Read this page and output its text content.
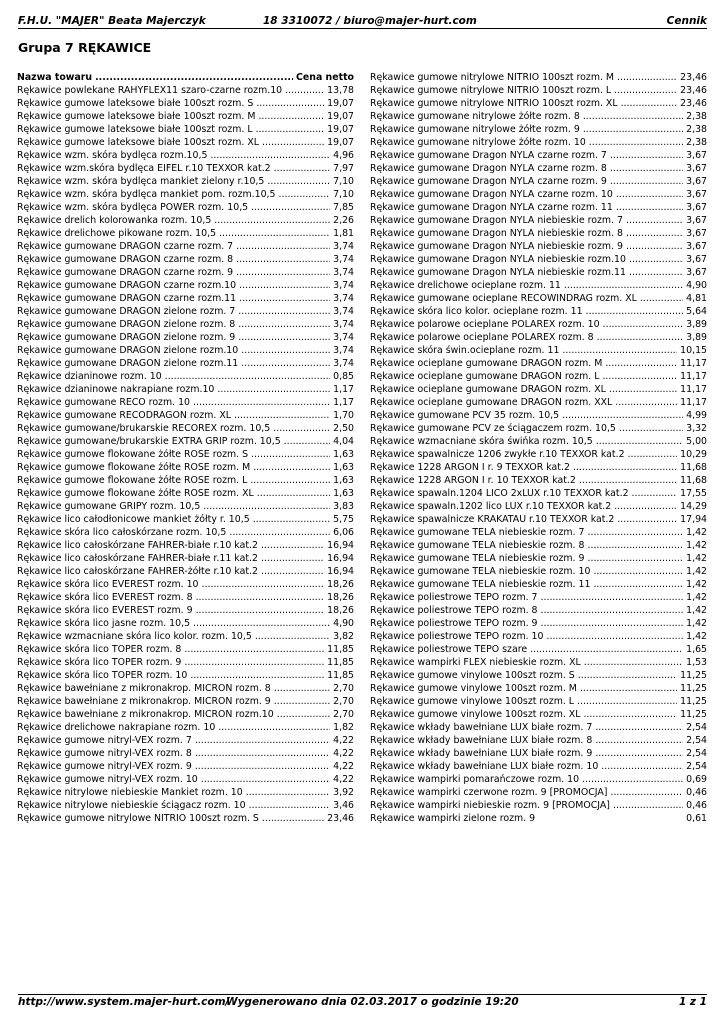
F.H.U. "MAJER" Beata Majerczyk	18 3310072 / biuro@majer-hurt.com	Cennik
Grupa 7 RĘKAWICE
Nazwa towaru .....	Cena netto
Rękawice powlekane RAHYFLEX11 szaro-czarne rozm.10 .....	13,78
Rękawice gumowe lateksowe białe 100szt rozm. S .....	19,07
Rękawice gumowe lateksowe białe 100szt rozm. M .....	19,07
Rękawice gumowe lateksowe białe 100szt rozm. L .....	19,07
Rękawice gumowe lateksowe białe 100szt rozm. XL .....	19,07
Rękawice wzm. skóra bydlęca rozm.10,5 .....	4,96
Rękawice wzm.skóra bydlęca EIFEL r.10 TEXXOR kat.2 .....	7,97
Rękawice wzm. skóra bydlęca mankiet zielony r.10,5 .....	7,10
Rękawice wzm. skóra bydlęca mankiet pom. rozm.10,5 .....	7,10
Rękawice wzm. skóra bydlęca POWER rozm. 10,5 .....	7,85
Rękawice drelich kolorowanka rozm. 10,5 .....	2,26
Rękawice drelichowe pikowane rozm. 10,5 .....	1,81
Rękawice gumowane DRAGON czarne rozm. 7 .....	3,74
Rękawice gumowane DRAGON czarne rozm. 8 .....	3,74
Rękawice gumowane DRAGON czarne rozm. 9 .....	3,74
Rękawice gumowane DRAGON czarne rozm.10 .....	3,74
Rękawice gumowane DRAGON czarne rozm.11 .....	3,74
Rękawice gumowane DRAGON zielone rozm. 7 .....	3,74
Rękawice gumowane DRAGON zielone rozm. 8 .....	3,74
Rękawice gumowane DRAGON zielone rozm. 9 .....	3,74
Rękawice gumowane DRAGON zielone rozm.10 .....	3,74
Rękawice gumowane DRAGON zielone rozm.11 .....	3,74
Rękawice dzianinowe rozm. 10 .....	0,85
Rękawice dzianinowe nakrapiane rozm.10 .....	1,17
Rękawice gumowane RECO rozm. 10 .....	1,17
Rękawice gumowane RECODRAGON rozm. XL .....	1,70
Rękawice gumowane/brukarskie RECOREX rozm. 10,5 .....	2,50
Rękawice gumowane/brukarskie EXTRA GRIP rozm. 10,5 .....	4,04
Rękawice gumowe flokowane żółte ROSE rozm. S .....	1,63
Rękawice gumowe flokowane żółte ROSE rozm. M .....	1,63
Rękawice gumowe flokowane żółte ROSE rozm. L .....	1,63
Rękawice gumowe flokowane żółte ROSE rozm. XL .....	1,63
Rękawice gumowane GRIPY rozm. 10,5 .....	3,83
Rękawice lico całodłonicowe mankiet żółty r. 10,5 .....	5,75
Rękawice skóra lico całoskórzane rozm. 10,5 .....	6,06
Rękawice lico całoskórzane FAHRER-białe r.10 kat.2 .....	16,94
Rękawice lico całoskórzane FAHRER-białe r.11 kat.2 .....	16,94
Rękawice lico całoskórzane FAHRER-żółte r.10 kat.2 .....	16,94
Rękawice skóra lico EVEREST rozm. 10 .....	18,26
Rękawice skóra lico EVEREST rozm. 8 .....	18,26
Rękawice skóra lico EVEREST rozm. 9 .....	18,26
Rękawice skóra lico jasne rozm. 10,5 .....	4,90
Rękawice wzmacniane skóra lico kolor. rozm. 10,5 .....	3,82
Rękawice skóra lico TOPER rozm. 8 .....	11,85
Rękawice skóra lico TOPER rozm. 9 .....	11,85
Rękawice skóra lico TOPER rozm. 10 .....	11,85
Rękawice bawełniane z mikronakrop. MICRON rozm. 8 .....	2,70
Rękawice bawełniane z mikronakrop. MICRON rozm. 9 .....	2,70
Rękawice bawełniane z mikronakrop. MICRON rozm.10 .....	2,70
Rękawice drelichowe nakrapiane rozm. 10 .....	1,82
Rękawice gumowe nitryl-VEX rozm. 7 .....	4,22
Rękawice gumowe nitryl-VEX rozm. 8 .....	4,22
Rękawice gumowe nitryl-VEX rozm. 9 .....	4,22
Rękawice gumowe nitryl-VEX rozm. 10 .....	4,22
Rękawice nitrylowe niebieskie Mankiet rozm. 10 .....	3,92
Rękawice nitrylowe niebieskie ściągacz rozm. 10 .....	3,46
Rękawice gumowe nitrylowe NITRIO 100szt rozm. S .....	23,46
Rękawice gumowe nitrylowe NITRIO 100szt rozm. M .....	23,46
Rękawice gumowe nitrylowe NITRIO 100szt rozm. L .....	23,46
Rękawice gumowe nitrylowe NITRIO 100szt rozm. XL .....	23,46
Rękawice gumowane nitrylowe żółte rozm. 8 .....	2,38
Rękawice gumowane nitrylowe żółte rozm. 9 .....	2,38
Rękawice gumowane nitrylowe żółte rozm. 10 .....	2,38
Rękawice gumowane Dragon NYLA czarne rozm. 7 .....	3,67
Rękawice gumowane Dragon NYLA czarne rozm. 8 .....	3,67
Rękawice gumowane Dragon NYLA czarne rozm. 9 .....	3,67
Rękawice gumowane Dragon NYLA czarne rozm. 10 .....	3,67
Rękawice gumowane Dragon NYLA czarne rozm. 11 .....	3,67
Rękawice gumowane Dragon NYLA niebieskie rozm. 7 .....	3,67
Rękawice gumowane Dragon NYLA niebieskie rozm. 8 .....	3,67
Rękawice gumowane Dragon NYLA niebieskie rozm. 9 .....	3,67
Rękawice gumowane Dragon NYLA niebieskie rozm.10 .....	3,67
Rękawice gumowane Dragon NYLA niebieskie rozm.11 .....	3,67
Rękawice drelichowe ocieplane rozm. 11 .....	4,90
Rękawice gumowane ocieplane RECOWINDRAG rozm. XL .....	4,81
Rękawice skóra lico kolor. ocieplane rozm. 11 .....	5,64
Rękawice polarowe ocieplane POLAREX rozm. 10 .....	3,89
Rękawice polarowe ocieplane POLAREX rozm. 8 .....	3,89
Rękawice skóra świn.ocieplane rozm. 11 .....	10,15
Rękawice ocieplane gumowane DRAGON rozm. M .....	11,17
Rękawice ocieplane gumowane DRAGON rozm. L .....	11,17
Rękawice ocieplane gumowane DRAGON rozm. XL .....	11,17
Rękawice ocieplane gumowane DRAGON rozm. XXL .....	11,17
Rękawice gumowane PCV 35 rozm. 10,5 .....	4,99
Rękawice gumowane PCV ze ściągaczem rozm. 10,5 .....	3,32
Rękawice wzmacniane skóra świńka rozm. 10,5 .....	5,00
Rękawice spawalnicze 1206 zwykłe r.10 TEXXOR kat.2 .....	10,29
Rękawice 1228 ARGON I r. 9 TEXXOR kat.2 .....	11,68
Rękawice 1228 ARGON I r. 10 TEXXOR kat.2 .....	11,68
Rękawice spawaln.1204 LICO 2xLUX r.10 TEXXOR kat.2 .....	17,55
Rękawice spawaln.1202 lico LUX r.10 TEXXOR kat.2 .....	14,29
Rękawice spawalnicze KRAKATAU r.10 TEXXOR kat.2 .....	17,94
Rękawice gumowane TELA niebieskie rozm. 7 .....	1,42
Rękawice gumowane TELA niebieskie rozm. 8 .....	1,42
Rękawice gumowane TELA niebieskie rozm. 9 .....	1,42
Rękawice gumowane TELA niebieskie rozm. 10 .....	1,42
Rękawice gumowane TELA niebieskie rozm. 11 .....	1,42
Rękawice poliestrowe TEPO rozm. 7 .....	1,42
Rękawice poliestrowe TEPO rozm. 8 .....	1,42
Rękawice poliestrowe TEPO rozm. 9 .....	1,42
Rękawice poliestrowe TEPO rozm. 10 .....	1,42
Rękawice poliestrowe TEPO szare .....	1,65
Rękawice wampirki FLEX niebieskie rozm. XL .....	1,53
Rękawice gumowe vinylowe 100szt rozm. S .....	11,25
Rękawice gumowe vinylowe 100szt rozm. M .....	11,25
Rękawice gumowe vinylowe 100szt rozm. L .....	11,25
Rękawice gumowe vinylowe 100szt rozm. XL .....	11,25
Rękawice wkłady bawełniane LUX białe rozm. 7 .....	2,54
Rękawice wkłady bawełniane LUX białe rozm. 8 .....	2,54
Rękawice wkłady bawełniane LUX białe rozm. 9 .....	2,54
Rękawice wkłady bawełniane LUX białe rozm. 10 .....	2,54
Rękawice wampirki pomarańczowe rozm. 10 .....	0,69
Rękawice wampirki czerwone rozm. 9 [PROMOCJA] .....	0,46
Rękawice wampirki niebieskie rozm. 9 [PROMOCJA] .....	0,46
Rękawice wampirki zielone rozm. 9	0,61
http://www.system.majer-hurt.com/
Wygenerowano dnia 02.03.2017 o godzinie 19:20	1 z 1
